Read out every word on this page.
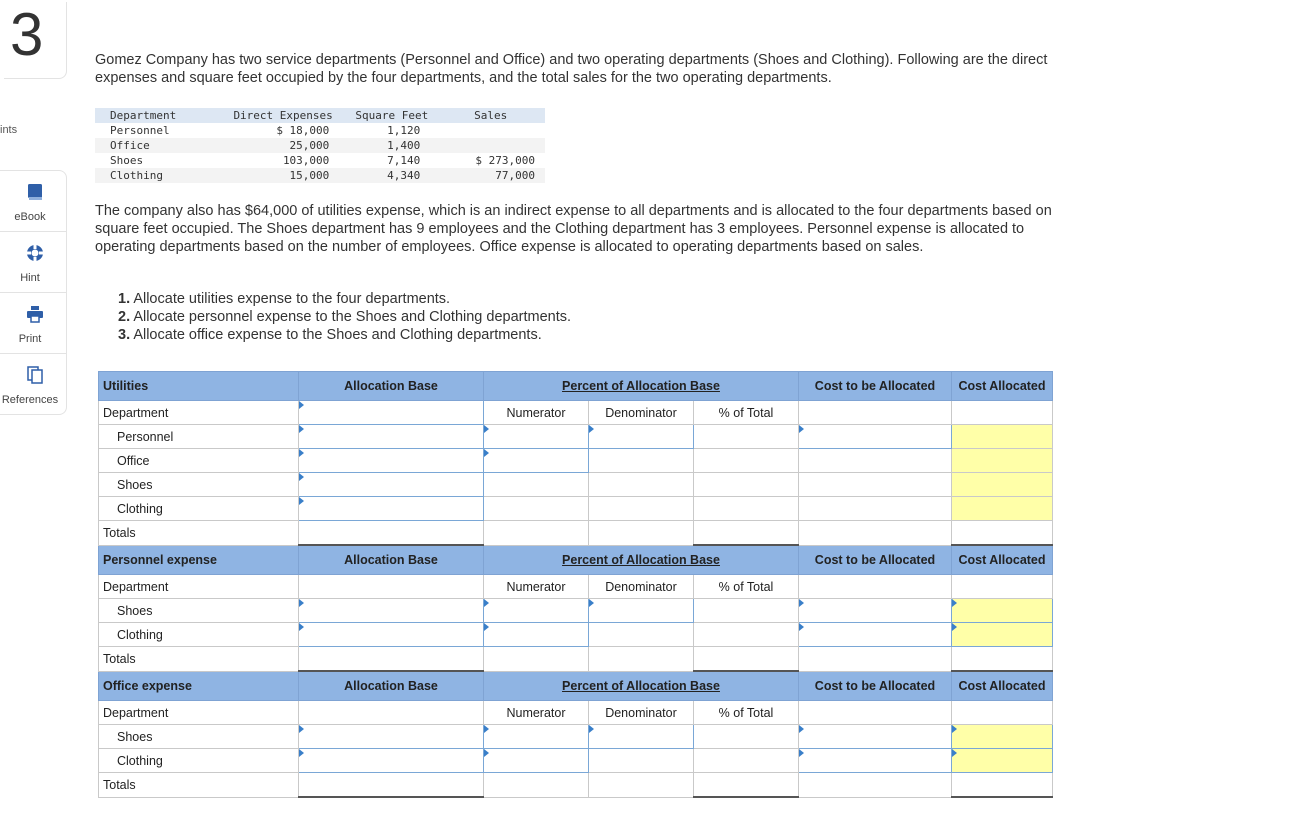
3
ints
eBook
Hint
Print
References
Gomez Company has two service departments (Personnel and Office) and two operating departments (Shoes and Clothing). Following are the direct expenses and square feet occupied by the four departments, and the total sales for the two operating departments.
Department	Direct Expenses	Square Feet	Sales
Personnel	$ 18,000	1,120	
Office	25,000	1,400	
Shoes	103,000	7,140	$ 273,000
Clothing	15,000	4,340	77,000
The company also has $64,000 of utilities expense, which is an indirect expense to all departments and is allocated to the four departments based on square feet occupied. The Shoes department has 9 employees and the Clothing department has 3 employees. Personnel expense is allocated to operating departments based on the number of employees. Office expense is allocated to operating departments based on sales.
1. Allocate utilities expense to the four departments.
2. Allocate personnel expense to the Shoes and Clothing departments.
3. Allocate office expense to the Shoes and Clothing departments.
Utilities	Allocation Base	Percent of Allocation Base			Cost to be Allocated	Cost Allocated
Department		Numerator	Denominator	% of Total		
Personnel						
Office						
Shoes						
Clothing						
Totals						
Personnel expense	Allocation Base	Percent of Allocation Base			Cost to be Allocated	Cost Allocated
Department		Numerator	Denominator	% of Total		
Shoes						
Clothing						
Totals						
Office expense	Allocation Base	Percent of Allocation Base			Cost to be Allocated	Cost Allocated
Department		Numerator	Denominator	% of Total		
Shoes						
Clothing						
Totals						
